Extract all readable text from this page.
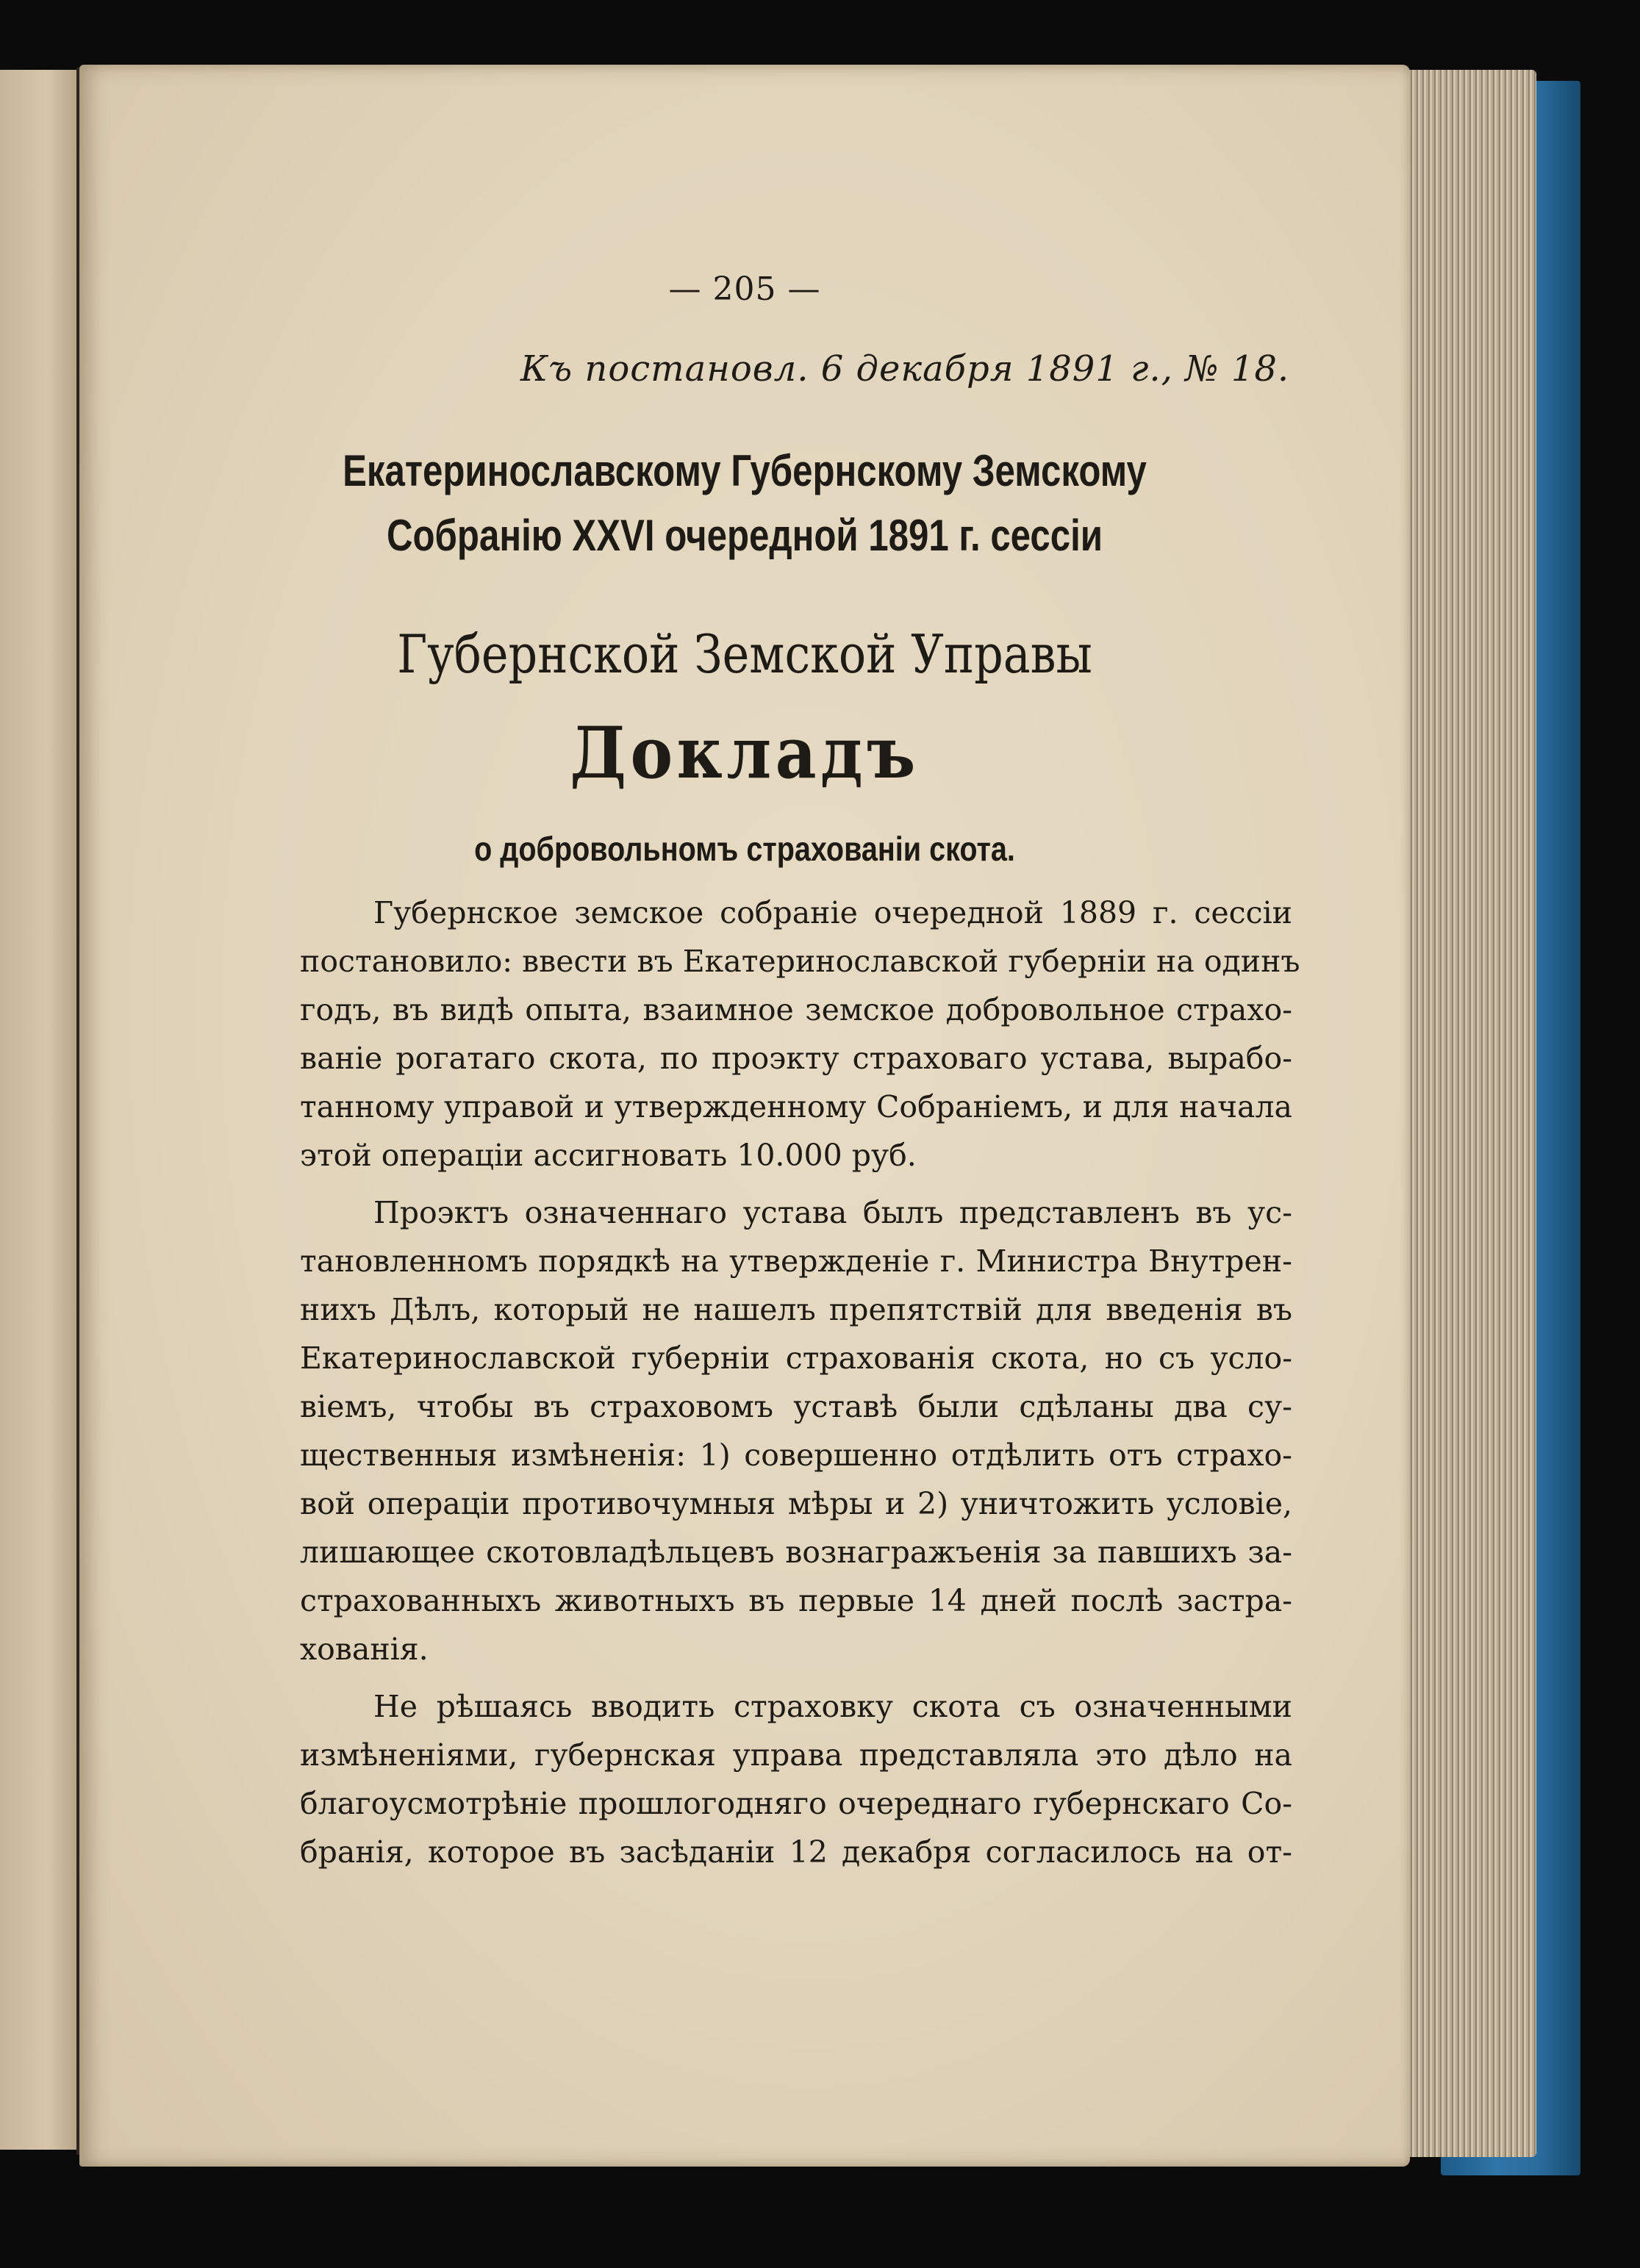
— 205 —
Къ постановл. 6 декабря 1891 г., № 18.
Екатеринославскому Губернскому Земскому
Собранію XXVI очередной 1891 г. сессіи
Губернской Земской Управы
Докладъ
о добровольномъ страхованіи скота.
Губернское земское собраніе очередной 1889 г. сессіи
постановило: ввести въ Екатеринославской губерніи на одинъ
годъ, въ видѣ опыта, взаимное земское добровольное страхо-
ваніе рогатаго скота, по проэкту страховаго устава, вырабо-
танному управой и утвержденному Собраніемъ, и для начала
этой операціи ассигновать 10.000 руб.
Проэктъ означеннаго устава былъ представленъ въ ус-
тановленномъ порядкѣ на утвержденіе г. Министра Внутрен-
нихъ Дѣлъ, который не нашелъ препятствій для введенія въ
Екатеринославской губерніи страхованія скота, но съ усло-
віемъ, чтобы въ страховомъ уставѣ были сдѣланы два су-
щественныя измѣненія: 1) совершенно отдѣлить отъ страхо-
вой операціи противочумныя мѣры и 2) уничтожить условіе,
лишающее скотовладѣльцевъ вознагражъенія за павшихъ за-
страхованныхъ животныхъ въ первые 14 дней послѣ застра-
хованія.
Не рѣшаясь вводить страховку скота съ означенными
измѣненіями, губернская управа представляла это дѣло на
благоусмотрѣніе прошлогодняго очереднаго губернскаго Со-
бранія, которое въ засѣданіи 12 декабря согласилось на от-
